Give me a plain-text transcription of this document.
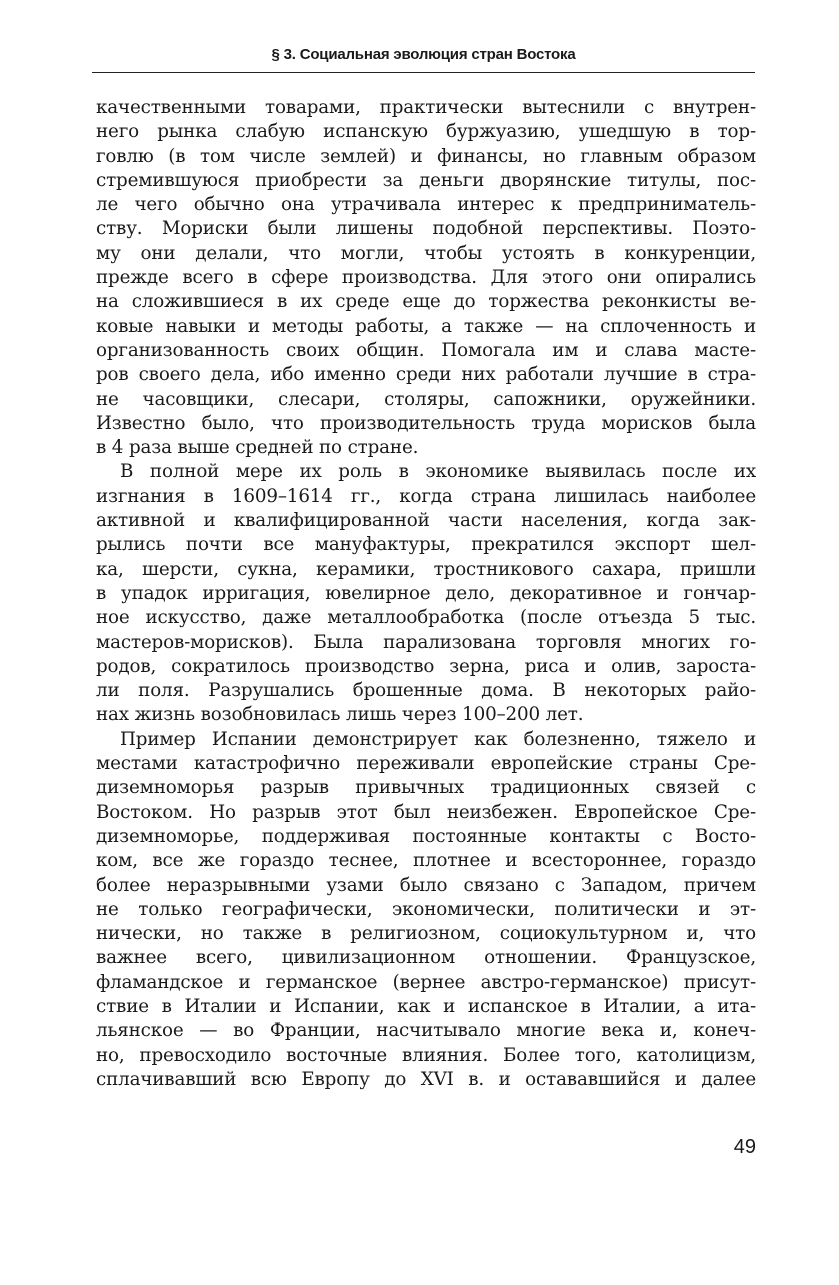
§ 3. Социальная эволюция стран Востока
качественными товарами, практически вытеснили с внутрен-
него рынка слабую испанскую буржуазию, ушедшую в тор-
говлю (в том числе землей) и финансы, но главным образом
стремившуюся приобрести за деньги дворянские титулы, пос-
ле чего обычно она утрачивала интерес к предприниматель-
ству. Мориски были лишены подобной перспективы. Поэто-
му они делали, что могли, чтобы устоять в конкуренции,
прежде всего в сфере производства. Для этого они опирались
на сложившиеся в их среде еще до торжества реконкисты ве-
ковые навыки и методы работы, а также — на сплоченность и
организованность своих общин. Помогала им и слава масте-
ров своего дела, ибо именно среди них работали лучшие в стра-
не часовщики, слесари, столяры, сапожники, оружейники.
Известно было, что производительность труда морисков была
в 4 раза выше средней по стране.
В полной мере их роль в экономике выявилась после их
изгнания в 1609–1614 гг., когда страна лишилась наиболее
активной и квалифицированной части населения, когда зак-
рылись почти все мануфактуры, прекратился экспорт шел-
ка, шерсти, сукна, керамики, тростникового сахара, пришли
в упадок ирригация, ювелирное дело, декоративное и гончар-
ное искусство, даже металлообработка (после отъезда 5 тыс.
мастеров-морисков). Была парализована торговля многих го-
родов, сократилось производство зерна, риса и олив, зароста-
ли поля. Разрушались брошенные дома. В некоторых райо-
нах жизнь возобновилась лишь через 100–200 лет.
Пример Испании демонстрирует как болезненно, тяжело и
местами катастрофично переживали европейские страны Сре-
диземноморья разрыв привычных традиционных связей с
Востоком. Но разрыв этот был неизбежен. Европейское Сре-
диземноморье, поддерживая постоянные контакты с Восто-
ком, все же гораздо теснее, плотнее и всестороннее, гораздо
более неразрывными узами было связано с Западом, причем
не только географически, экономически, политически и эт-
нически, но также в религиозном, социокультурном и, что
важнее всего, цивилизационном отношении. Французское,
фламандское и германское (вернее австро-германское) присут-
ствие в Италии и Испании, как и испанское в Италии, а ита-
льянское — во Франции, насчитывало многие века и, конеч-
но, превосходило восточные влияния. Более того, католицизм,
сплачивавший всю Европу до XVI в. и остававшийся и далее
49
